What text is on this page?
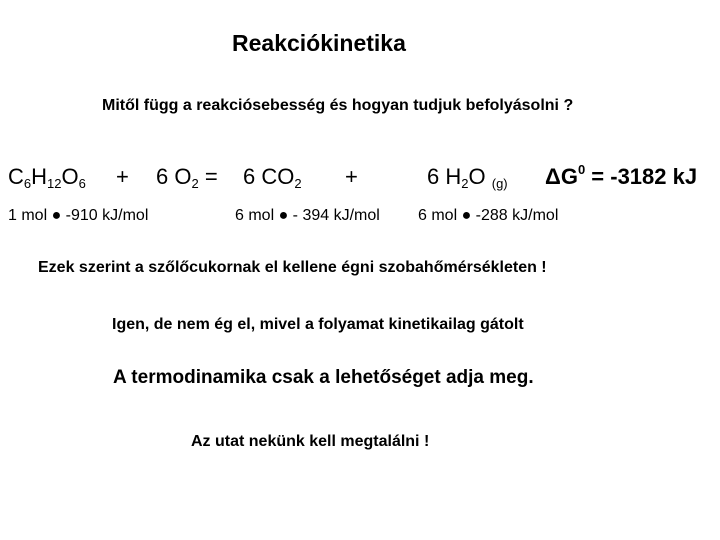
Reakciókinetika
Mitől függ a reakciósebesség és hogyan tudjuk befolyásolni ?
$C_6H_{12}O_6 + 6$ $O_2 = 6$ $CO_2$ +	6 $H_2O$ (g) $\Delta G^0 = -3182$ kJ
1 mol ● -910 kJ/mol	6 mol ● - 394 kJ/mol 6 mol ● -288 kJ/mol
Ezek szerint a szőlőcukornak el kellene égni szobahőmérsékleten !
Igen, de nem ég el, mivel a folyamat kinetikailag gátolt
A termodinamika csak a lehetőséget adja meg.
Az utat nekünk kell megtalálni !
